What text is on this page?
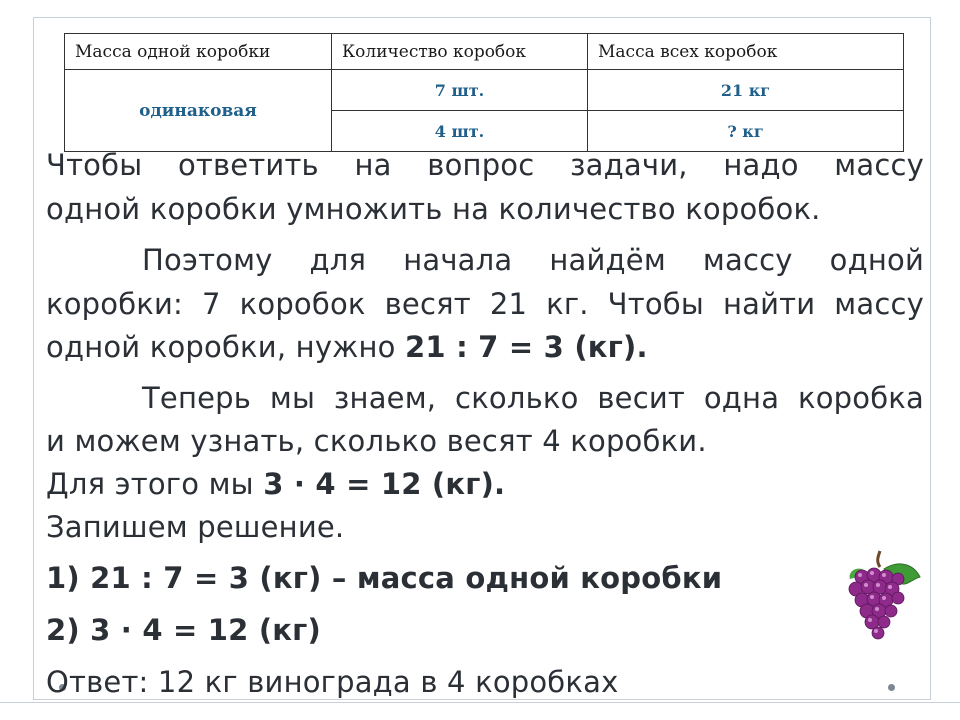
Масса одной коробки	Количество коробок	Масса всех коробок
одинаковая	7 шт.	21 кг
	4 шт.	? кг
Чтобы ответить на вопрос задачи, надо массу
одной коробки умножить на количество коробок.
Поэтому для начала найдём массу одной
коробки: 7 коробок весят 21 кг. Чтобы найти массу
одной коробки, нужно 21 : 7 = 3 (кг).
Теперь мы знаем, сколько весит одна коробка
и можем узнать, сколько весят 4 коробки.
Для этого мы 3 · 4 = 12 (кг).
Запишем решение.
1) 21 : 7 = 3 (кг) – масса одной коробки
2) 3 · 4 = 12 (кг)
Ответ: 12 кг винограда в 4 коробках
